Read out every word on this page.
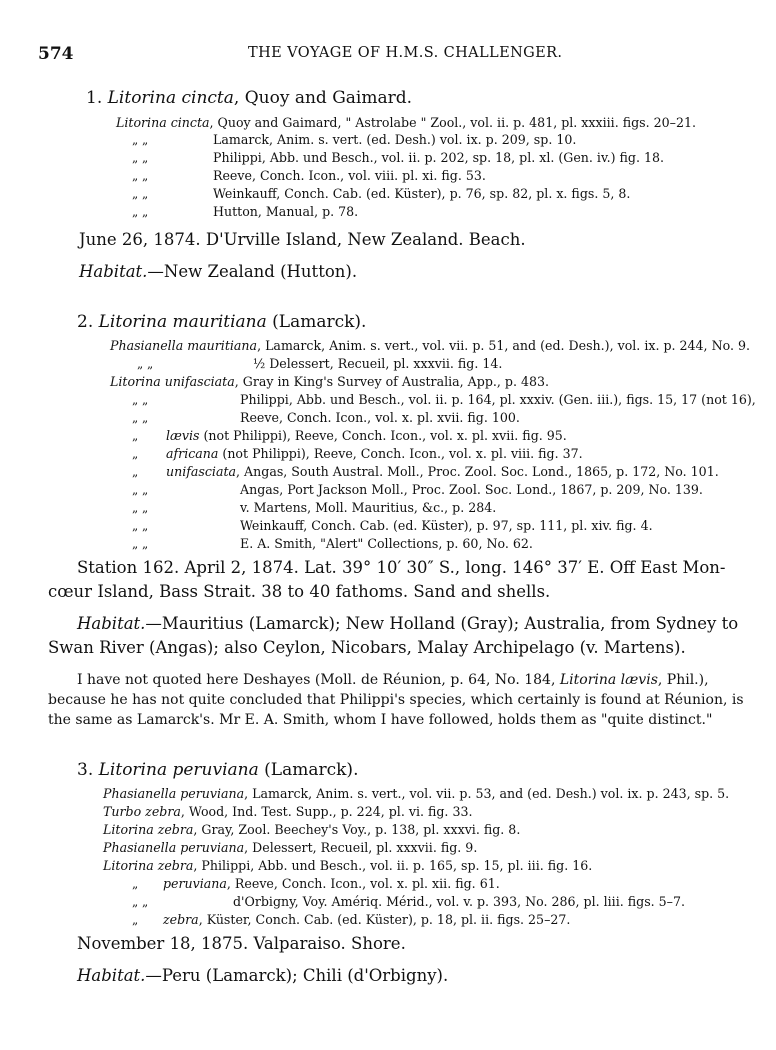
574	THE VOYAGE OF H.M.S. CHALLENGER.
1. Litorina cincta, Quoy and Gaimard.
Litorina cincta, Quoy and Gaimard, " Astrolabe " Zool., vol. ii. p. 481, pl. xxxiii. figs. 20–21.
„ „	Lamarck, Anim. s. vert. (ed. Desh.) vol. ix. p. 209, sp. 10.
„ „	Philippi, Abb. und Besch., vol. ii. p. 202, sp. 18, pl. xl. (Gen. iv.) fig. 18.
„ „	Reeve, Conch. Icon., vol. viii. pl. xi. fig. 53.
„ „	Weinkauff, Conch. Cab. (ed. Küster), p. 76, sp. 82, pl. x. figs. 5, 8.
„ „	Hutton, Manual, p. 78.
June 26, 1874. D'Urville Island, New Zealand. Beach.
Habitat.—New Zealand (Hutton).
2. Litorina mauritiana (Lamarck).
Phasianella mauritiana, Lamarck, Anim. s. vert., vol. vii. p. 51, and (ed. Desh.), vol. ix. p. 244, No. 9.
„ „	½ Delessert, Recueil, pl. xxxvii. fig. 14.
Litorina unifasciata, Gray in King's Survey of Australia, App., p. 483.
„ „	Philippi, Abb. und Besch., vol. ii. p. 164, pl. xxxiv. (Gen. iii.), figs. 15, 17 (not 16),
„ „	Reeve, Conch. Icon., vol. x. pl. xvii. fig. 100.
„ lævis (not Philippi), Reeve, Conch. Icon., vol. x. pl. xvii. fig. 95.
„ africana (not Philippi), Reeve, Conch. Icon., vol. x. pl. viii. fig. 37.
„ unifasciata, Angas, South Austral. Moll., Proc. Zool. Soc. Lond., 1865, p. 172, No. 101.
„ „	Angas, Port Jackson Moll., Proc. Zool. Soc. Lond., 1867, p. 209, No. 139.
„ „	v. Martens, Moll. Mauritius, &c., p. 284.
„ „	Weinkauff, Conch. Cab. (ed. Küster), p. 97, sp. 111, pl. xiv. fig. 4.
„ „	E. A. Smith, "Alert" Collections, p. 60, No. 62.
Station 162. April 2, 1874. Lat. 39° 10′ 30″ S., long. 146° 37′ E. Off East Mon-
cœur Island, Bass Strait. 38 to 40 fathoms. Sand and shells.
Habitat.—Mauritius (Lamarck); New Holland (Gray); Australia, from Sydney to
Swan River (Angas); also Ceylon, Nicobars, Malay Archipelago (v. Martens).
I have not quoted here Deshayes (Moll. de Réunion, p. 64, No. 184, Litorina lævis, Phil.),
because he has not quite concluded that Philippi's species, which certainly is found at Réunion, is
the same as Lamarck's. Mr E. A. Smith, whom I have followed, holds them as "quite distinct."
3. Litorina peruviana (Lamarck).
Phasianella peruviana, Lamarck, Anim. s. vert., vol. vii. p. 53, and (ed. Desh.) vol. ix. p. 243, sp. 5.
Turbo zebra, Wood, Ind. Test. Supp., p. 224, pl. vi. fig. 33.
Litorina zebra, Gray, Zool. Beechey's Voy., p. 138, pl. xxxvi. fig. 8.
Phasianella peruviana, Delessert, Recueil, pl. xxxvii. fig. 9.
Litorina zebra, Philippi, Abb. und Besch., vol. ii. p. 165, sp. 15, pl. iii. fig. 16.
„ peruviana, Reeve, Conch. Icon., vol. x. pl. xii. fig. 61.
„ „	d'Orbigny, Voy. Amériq. Mérid., vol. v. p. 393, No. 286, pl. liii. figs. 5–7.
„ zebra, Küster, Conch. Cab. (ed. Küster), p. 18, pl. ii. figs. 25–27.
November 18, 1875. Valparaiso. Shore.
Habitat.—Peru (Lamarck); Chili (d'Orbigny).
